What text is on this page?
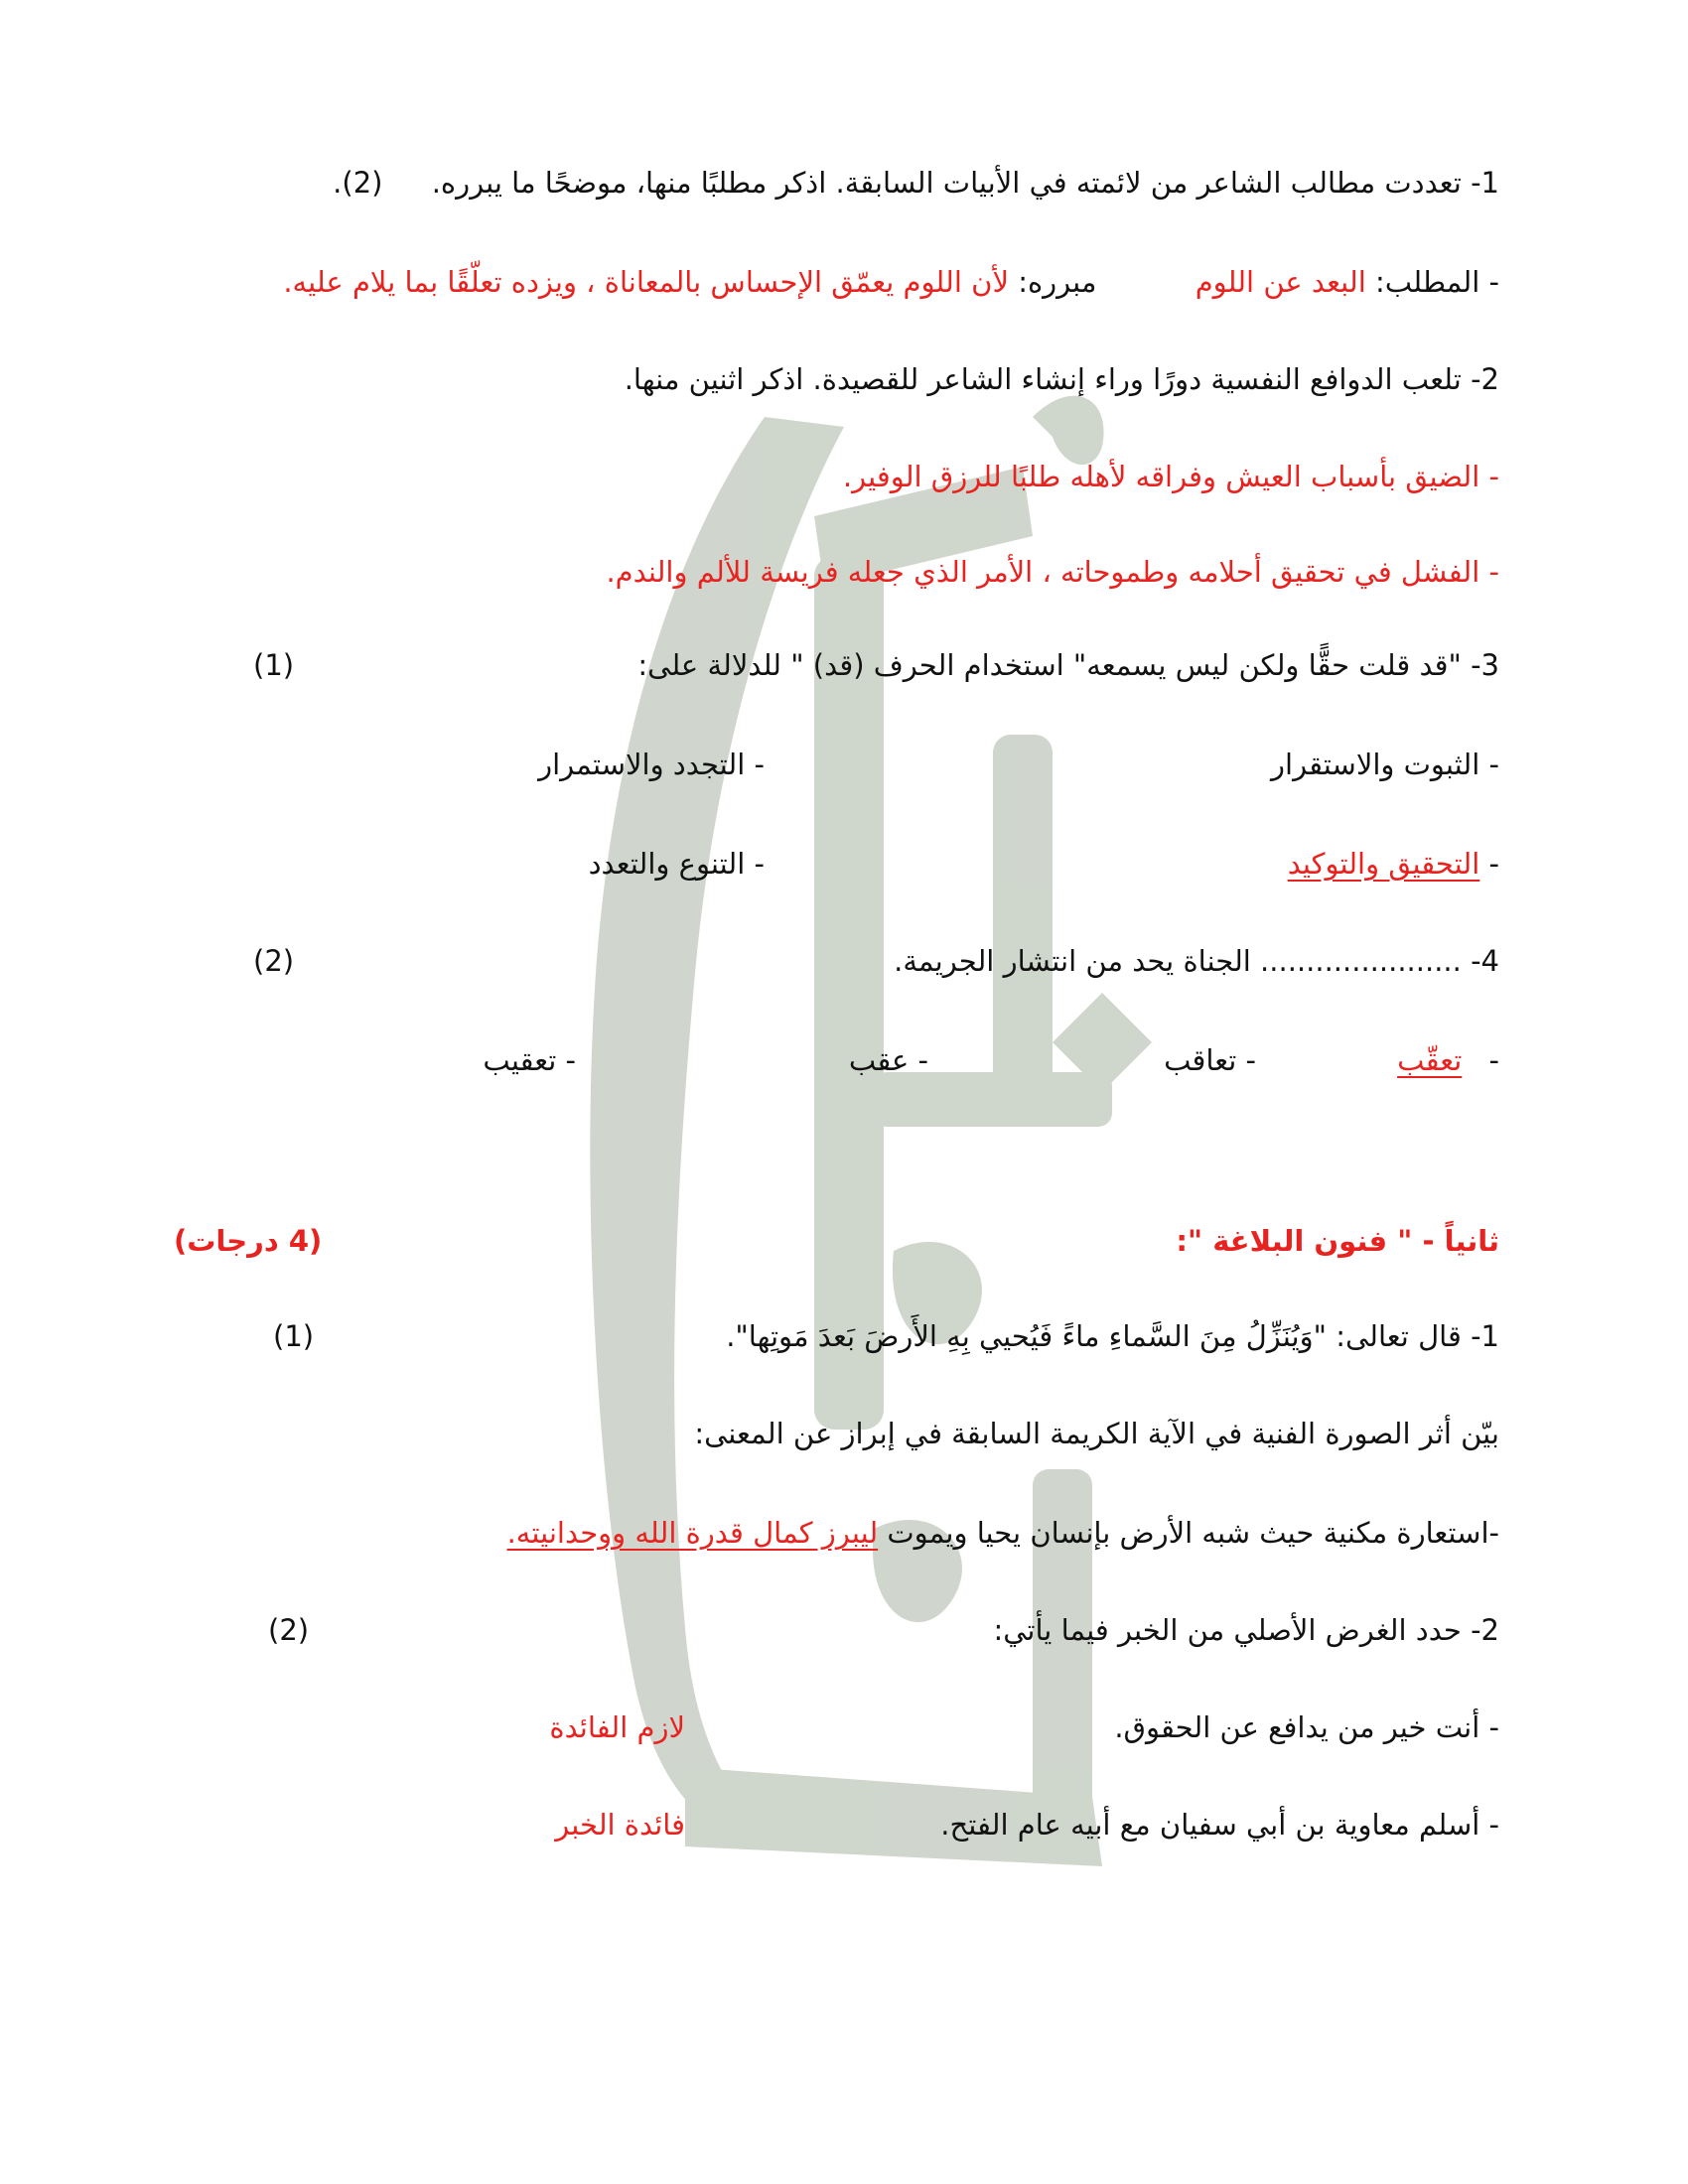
1- تعددت مطالب الشاعر من لائمته في الأبيات السابقة. اذكر مطلبًا منها، موضحًا ما يبرره. (2).
- المطلب: البعد عن اللوم مبرره: لأن اللوم يعمّق الإحساس بالمعاناة ، ويزده تعلّقًا بما يلام عليه.
2- تلعب الدوافع النفسية دورًا وراء إنشاء الشاعر للقصيدة. اذكر اثنين منها.
- الضيق بأسباب العيش وفراقه لأهله طلبًا للرزق الوفير.
- الفشل في تحقيق أحلامه وطموحاته ، الأمر الذي جعله فريسة للألم والندم.
3- "قد قلت حقًّا ولكن ليس يسمعه" استخدام الحرف (قد) " للدلالة على:
(1)
- الثبوت والاستقرار
- التجدد والاستمرار
- التحقيق والتوكيد
- التنوع والتعدد
4- ...................... الجناة يحد من انتشار الجريمة.
(2)
- تعقّب
- تعاقب
- عقب
- تعقيب
ثانياً - " فنون البلاغة ":
(4 درجات)
1- قال تعالى: "وَيُنَزِّلُ مِنَ السَّماءِ ماءً فَيُحيي بِهِ الأَرضَ بَعدَ مَوتِها".
(1)
بيّن أثر الصورة الفنية في الآية الكريمة السابقة في إبراز عن المعنى:
-استعارة مكنية حيث شبه الأرض بإنسان يحيا ويموت ليبرز كمال قدرة الله ووحدانيته.
2- حدد الغرض الأصلي من الخبر فيما يأتي:
(2)
- أنت خير من يدافع عن الحقوق.
لازم الفائدة
- أسلم معاوية بن أبي سفيان مع أبيه عام الفتح.
فائدة الخبر
